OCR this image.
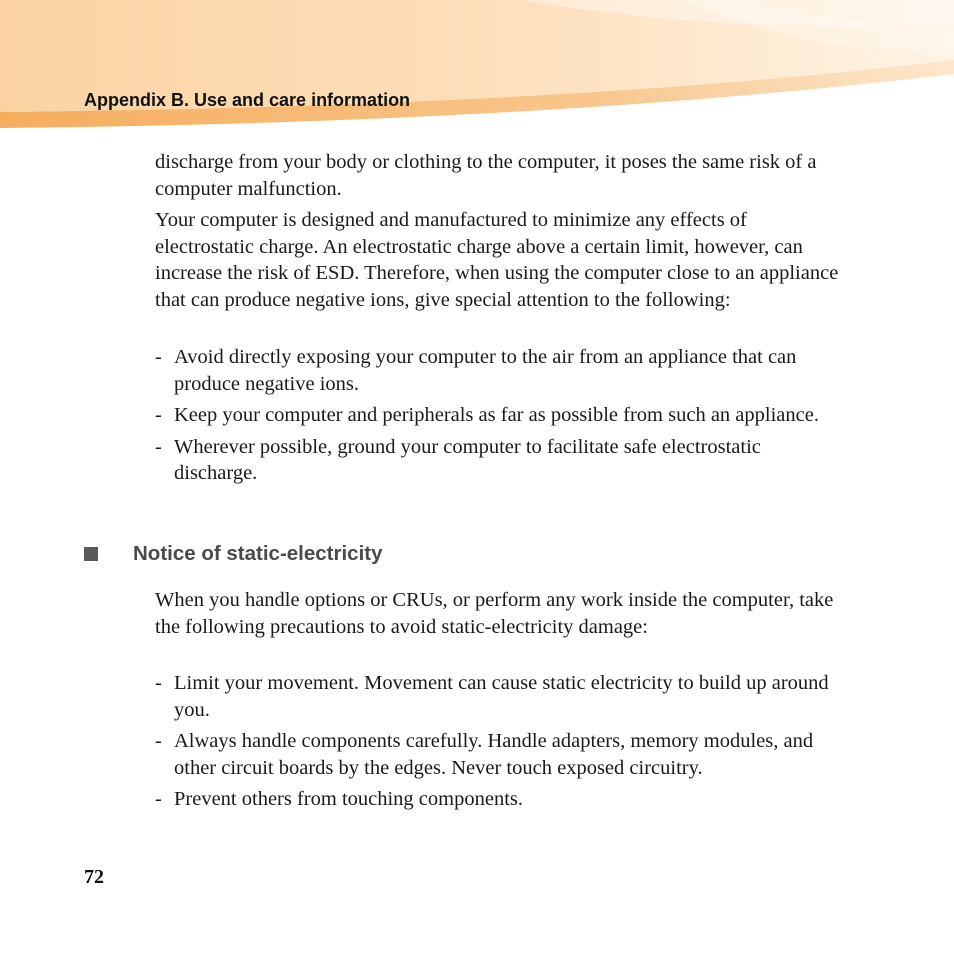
Appendix B. Use and care information

discharge from your body or clothing to the computer, it poses the same risk of a computer malfunction.

Your computer is designed and manufactured to minimize any effects of electrostatic charge. An electrostatic charge above a certain limit, however, can increase the risk of ESD. Therefore, when using the computer close to an appliance that can produce negative ions, give special attention to the following:

- Avoid directly exposing your computer to the air from an appliance that can produce negative ions.
- Keep your computer and peripherals as far as possible from such an appliance.
- Wherever possible, ground your computer to facilitate safe electrostatic discharge.
Notice of static-electricity

When you handle options or CRUs, or perform any work inside the computer, take the following precautions to avoid static-electricity damage:

- Limit your movement. Movement can cause static electricity to build up around you.
- Always handle components carefully. Handle adapters, memory modules, and other circuit boards by the edges. Never touch exposed circuitry.
- Prevent others from touching components.

72
